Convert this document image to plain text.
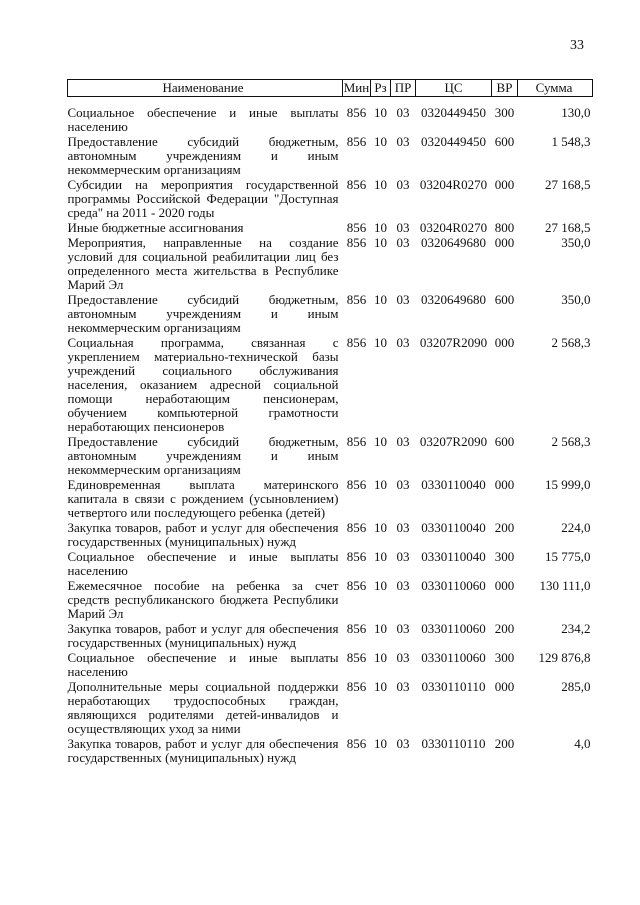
33
Наименование	Мин	Рз	ПР	ЦС	ВР	Сумма
Социальное обеспечение и иные выплаты населению	856	10	03	0320449450	300	130,0
Предоставление субсидий бюджетным, автономным учреждениям и иным некоммерческим организациям	856	10	03	0320449450	600	1 548,3
Субсидии на мероприятия государственной программы Российской Федерации "Доступная среда" на 2011 - 2020 годы	856	10	03	03204R0270	000	27 168,5
Иные бюджетные ассигнования	856	10	03	03204R0270	800	27 168,5
Мероприятия, направленные на создание условий для социальной реабилитации лиц без определенного места жительства в Республике Марий Эл	856	10	03	0320649680	000	350,0
Предоставление субсидий бюджетным, автономным учреждениям и иным некоммерческим организациям	856	10	03	0320649680	600	350,0
Социальная программа, связанная с укреплением материально-технической базы учреждений социального обслуживания населения, оказанием адресной социальной помощи неработающим пенсионерам, обучением компьютерной грамотности неработающих пенсионеров	856	10	03	03207R2090	000	2 568,3
Предоставление субсидий бюджетным, автономным учреждениям и иным некоммерческим организациям	856	10	03	03207R2090	600	2 568,3
Единовременная выплата материнского капитала в связи с рождением (усыновлением) четвертого или последующего ребенка (детей)	856	10	03	0330110040	000	15 999,0
Закупка товаров, работ и услуг для обеспечения государственных (муниципальных) нужд	856	10	03	0330110040	200	224,0
Социальное обеспечение и иные выплаты населению	856	10	03	0330110040	300	15 775,0
Ежемесячное пособие на ребенка за счет средств республиканского бюджета Республики Марий Эл	856	10	03	0330110060	000	130 111,0
Закупка товаров, работ и услуг для обеспечения государственных (муниципальных) нужд	856	10	03	0330110060	200	234,2
Социальное обеспечение и иные выплаты населению	856	10	03	0330110060	300	129 876,8
Дополнительные меры социальной поддержки неработающих трудоспособных граждан, являющихся родителями детей-инвалидов и осуществляющих уход за ними	856	10	03	0330110110	000	285,0
Закупка товаров, работ и услуг для обеспечения государственных (муниципальных) нужд	856	10	03	0330110110	200	4,0
